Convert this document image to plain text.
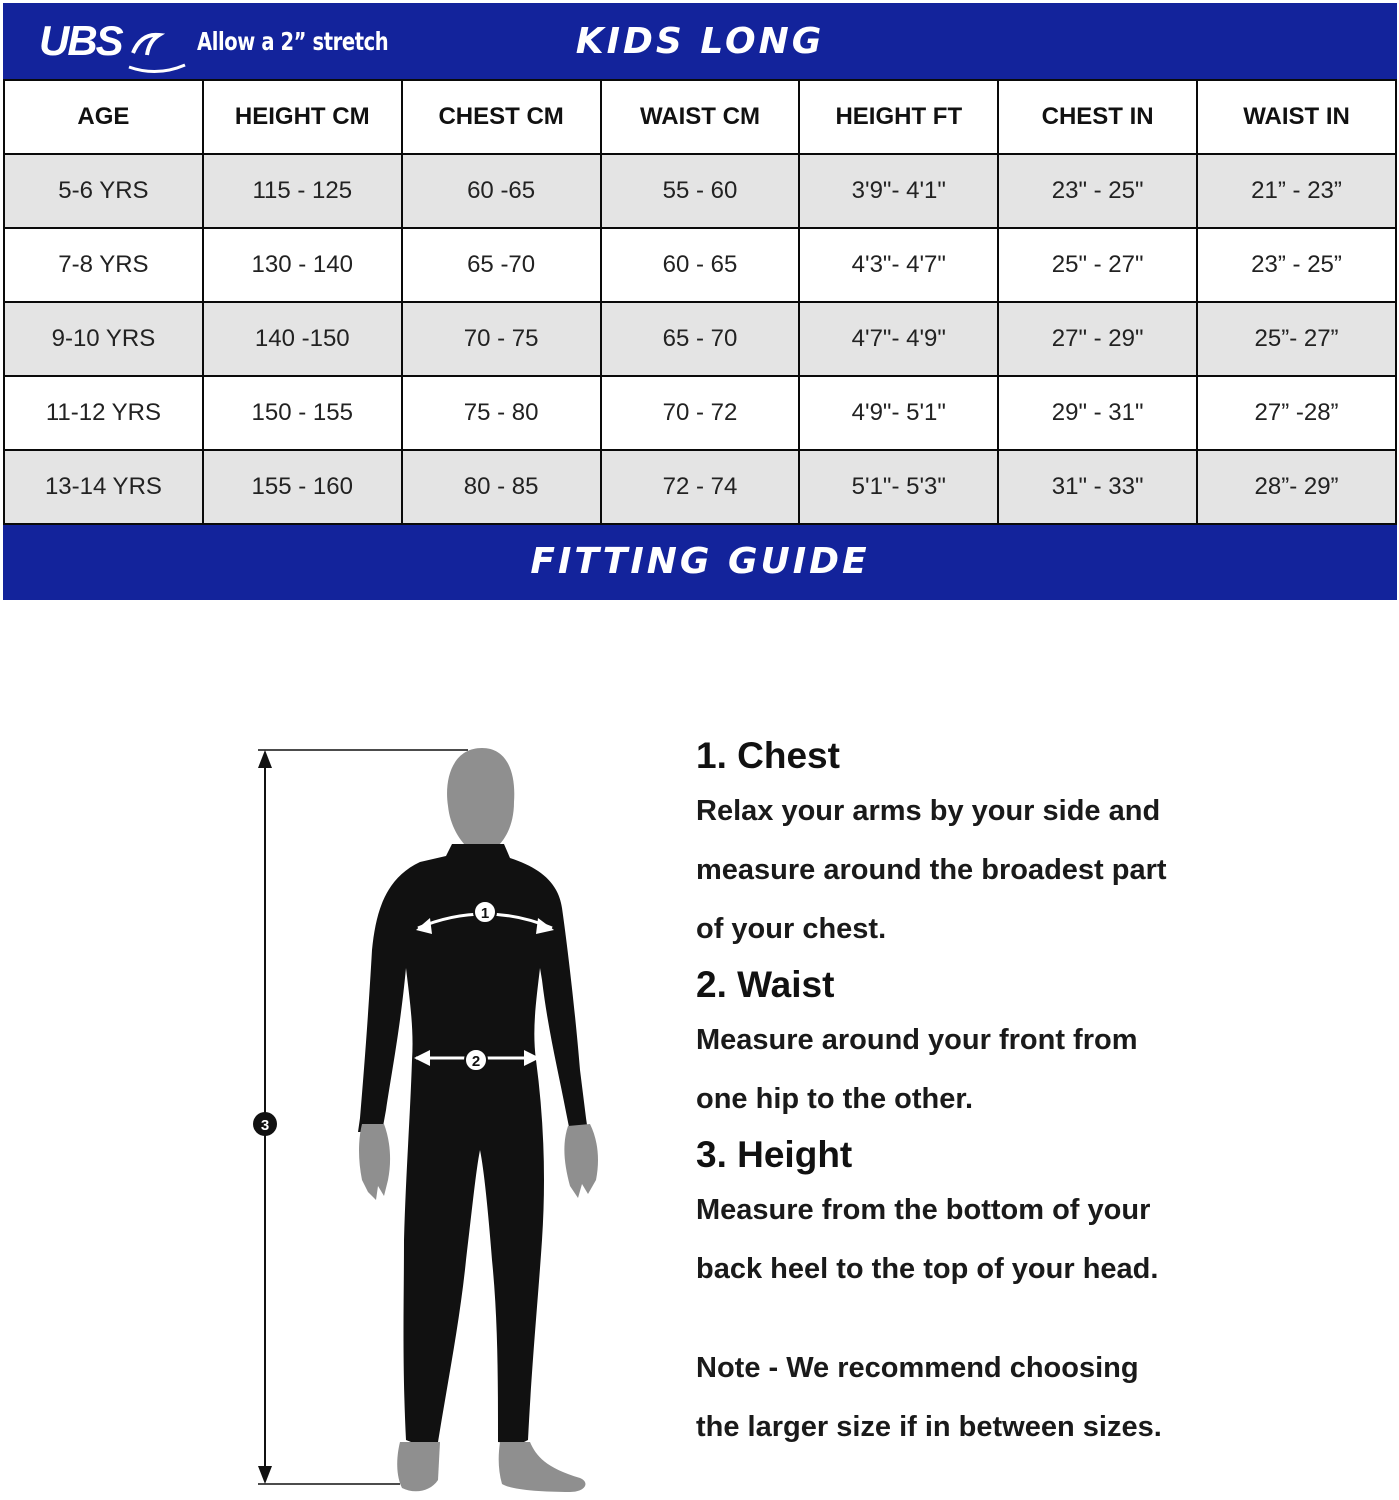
UBS	Allow a 2” stretch	KIDS LONG
AGE	HEIGHT CM	CHEST CM	WAIST CM	HEIGHT FT	CHEST IN	WAIST IN
5-6 YRS	115 - 125	60 -65	55 - 60	3'9"- 4'1"	23" - 25"	21” - 23”
7-8 YRS	130 - 140	65 -70	60 - 65	4'3"- 4'7"	25" - 27"	23” - 25”
9-10 YRS	140 -150	70 - 75	65 - 70	4'7"- 4'9"	27" - 29"	25”- 27”
11-12 YRS	150 - 155	75 - 80	70 - 72	4'9"- 5'1"	29" - 31"	27” -28”
13-14 YRS	155 - 160	80 - 85	72 - 74	5'1"- 5'3"	31" - 33"	28”- 29”
FITTING GUIDE
1
2
3
1. Chest

Relax your arms by your side and

measure around the broadest part

of your chest.

2. Waist

Measure around your front from

one hip to the other.

3. Height

Measure from the bottom of your

back heel to the top of your head.

Note - We recommend choosing

the larger size if in between sizes.
